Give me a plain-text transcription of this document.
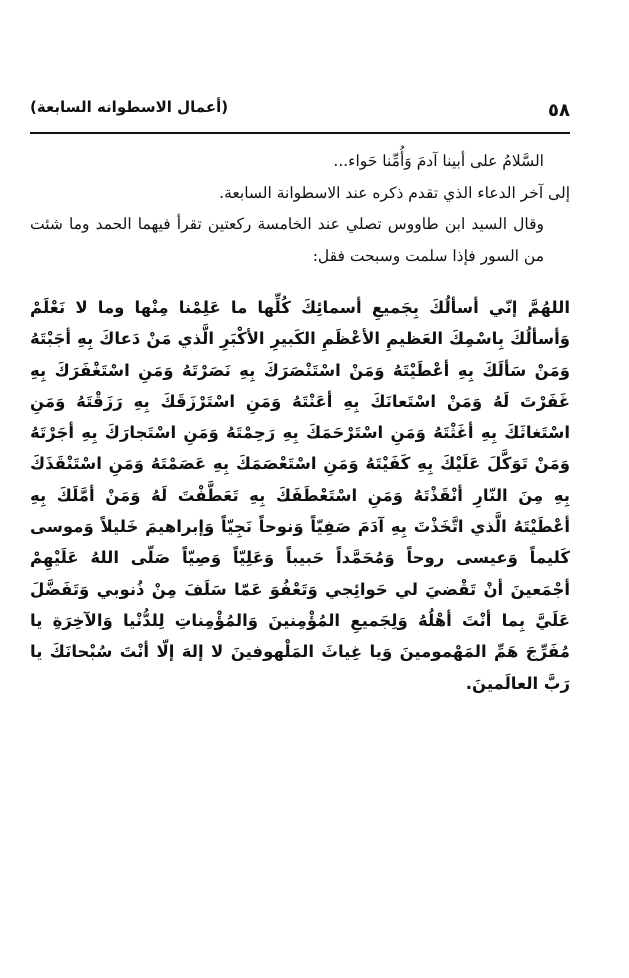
٥٨
(أعمال الاسطوانه السابعة)

السَّلامُ على أبينا آدمَ وَأُمِّنا حَواء...

إلى آخر الدعاء الذي تقدم ذكره عند الاسطوانة السابعة.

وقال السيد ابن طاووس تصلي عند الخامسة ركعتين تقرأ فيهما الحمد وما شئت من السور فإذا سلمت وسبحت فقل:

اللهُمَّ إنّي أسألُكَ بِجَميعِ أسمائِكَ كُلِّها ما عَلِمْنا مِنْها وما لا نَعْلَمْ وَأسألُكَ بِاسْمِكَ العَظيمِ الأعْظَمِ الكَبيرِ الأكْبَرِ الَّذي مَنْ دَعاكَ بِهِ أجَبْتَهُ وَمَنْ سَألَكَ بِهِ أعْطَيْتَهُ وَمَنْ اسْتَنْصَرَكَ بِهِ نَصَرْتَهُ وَمَنِ اسْتَغْفَرَكَ بِهِ غَفَرْتَ لَهُ وَمَنْ اسْتَعانَكَ بِهِ أعَنْتَهُ وَمَنِ اسْتَرْزَقَكَ بِهِ رَزَقْتَهُ وَمَنِ اسْتَغاثَكَ بِهِ أغَثْتَهُ وَمَنِ اسْتَرْحَمَكَ بِهِ رَحِمْتَهُ وَمَنِ اسْتَجارَكَ بِهِ أجَرْتَهُ وَمَنْ تَوَكَّلَ عَلَيْكَ بِهِ كَفَيْتَهُ وَمَنِ اسْتَعْصَمَكَ بِهِ عَصَمْتَهُ وَمَنِ اسْتَنْقَذَكَ بِهِ مِنَ النّارِ أنْقَذْتَهُ وَمَنِ اسْتَعْطَفَكَ بِهِ تَعَطَّفْتَ لَهُ وَمَنْ أمَّلَكَ بِهِ أعْطَيْتَهُ الَّذي اتَّخَذْتَ بِهِ آدَمَ صَفِيّاً وَنوحاً نَجِيّاً وَإبراهيمَ خَليلاً وَموسى كَليماً وَعيسى روحاً وَمُحَمَّداً حَبيباً وَعَلِيّاً وَصِيّاً صَلّى اللهُ عَلَيْهِمْ أجْمَعينَ أنْ تَقْضيَ لي حَوائِجي وَتَعْفُوَ عَمّا سَلَفَ مِنْ ذُنوبي وَتَفَضَّلَ عَلَيَّ بِما أنْتَ أهْلُهُ وَلِجَميعِ المُؤْمِنينَ وَالمُؤْمِناتِ لِلدُّنْيا وَالآخِرَةِ يا مُفَرِّجَ هَمِّ المَهْمومينَ وَيا غِياثَ المَلْهوفينَ لا إلهَ إلّا أنْتَ سُبْحانَكَ يا رَبَّ العالَمينَ.
